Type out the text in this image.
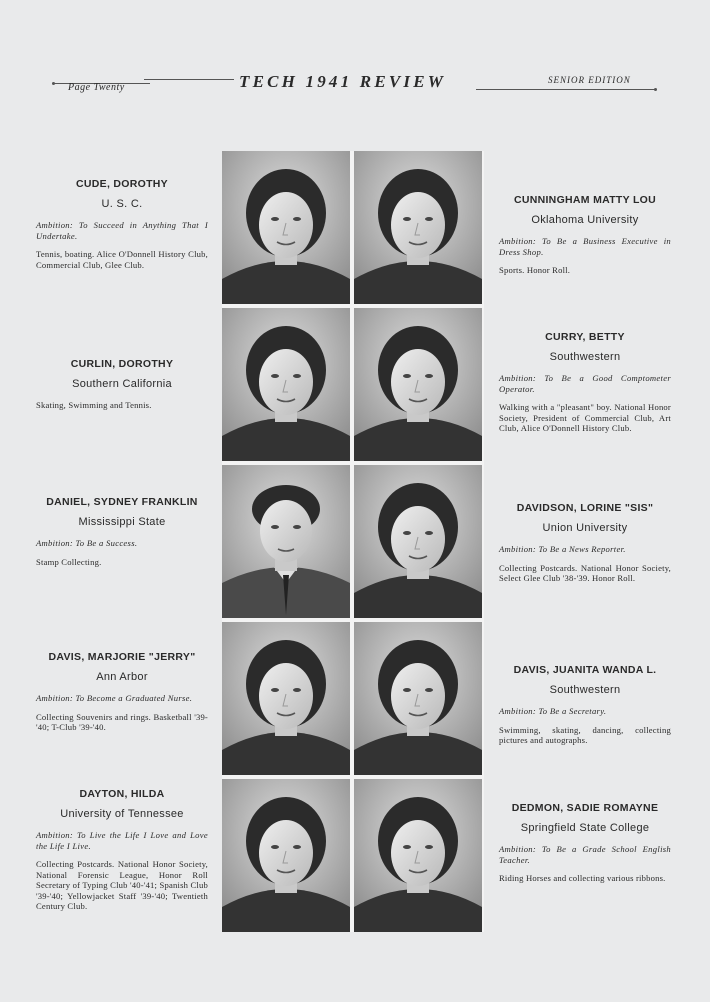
Page Twenty	TECH 1941 REVIEW	SENIOR EDITION
CUDE, DOROTHY
U. S. C.
Ambition: To Succeed in Anything That I Undertake.
Tennis, boating. Alice O'Donnell History Club, Commercial Club, Glee Club.
CUNNINGHAM MATTY LOU
Oklahoma University
Ambition: To Be a Business Executive in Dress Shop.
Sports. Honor Roll.
CURLIN, DOROTHY
Southern California
Skating, Swimming and Tennis.
CURRY, BETTY
Southwestern
Ambition: To Be a Good Comptometer Operator.
Walking with a "pleasant" boy. National Honor Society, President of Commercial Club, Art Club, Alice O'Donnell History Club.
DANIEL, SYDNEY FRANKLIN
Mississippi State
Ambition: To Be a Success.
Stamp Collecting.
DAVIDSON, LORINE "SIS"
Union University
Ambition: To Be a News Reporter.
Collecting Postcards. National Honor Society, Select Glee Club '38-'39. Honor Roll.
DAVIS, MARJORIE "JERRY"
Ann Arbor
Ambition: To Become a Graduated Nurse.
Collecting Souvenirs and rings. Basketball '39-'40; T-Club '39-'40.
DAVIS, JUANITA WANDA L.
Southwestern
Ambition: To Be a Secretary.
Swimming, skating, dancing, collecting pictures and autographs.
DAYTON, HILDA
University of Tennessee
Ambition: To Live the Life I Love and Love the Life I Live.
Collecting Postcards. National Honor Society, National Forensic League, Honor Roll Secretary of Typing Club '40-'41; Spanish Club '39-'40; Yellowjacket Staff '39-'40; Twentieth Century Club.
DEDMON, SADIE ROMAYNE
Springfield State College
Ambition: To Be a Grade School English Teacher.
Riding Horses and collecting various ribbons.
